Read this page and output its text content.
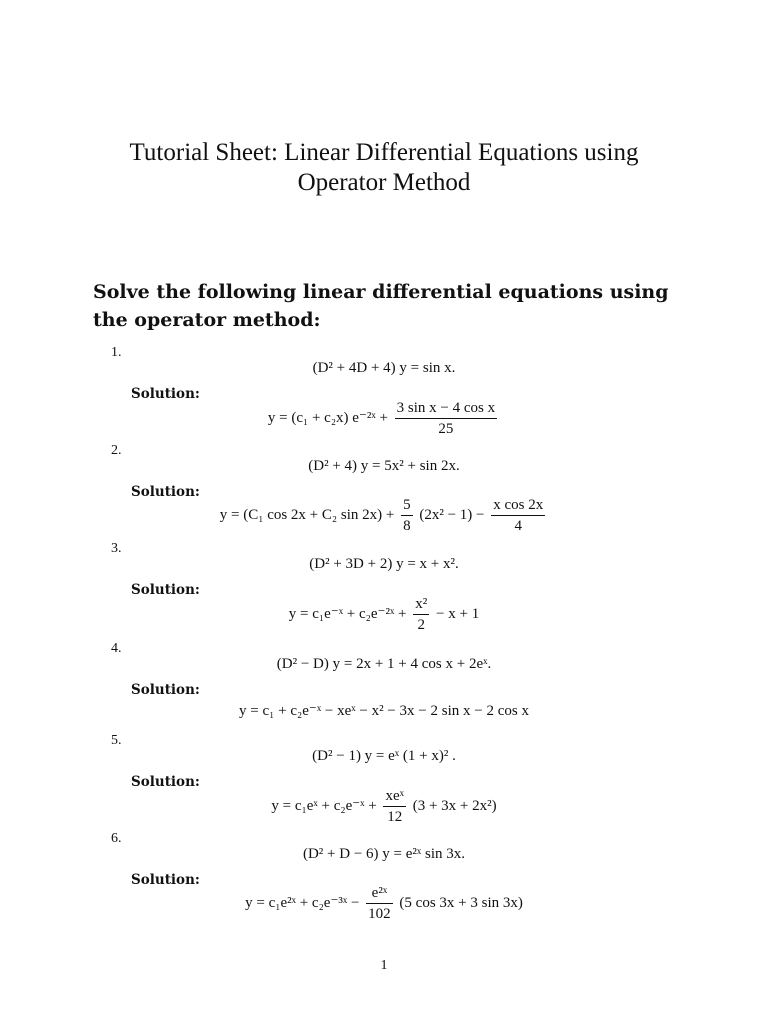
Tutorial Sheet: Linear Differential Equations using
Operator Method
Solve the following linear differential equations using the operator method:
1.
(D² + 4D + 4) y = sin x.
Solution:
y = (c₁ + c₂x) e⁻²ˣ + $\frac{\text{3 sin x − 4 cos x}}{25}$
2.
(D² + 4) y = 5x² + sin 2x.
Solution:
y = (C₁ cos 2x + C₂ $\sin 2x) + \frac{5}{8} (2x^2 - 1) - \frac{\text{x cos 2x}}{4}$
3.
(D² + 3D + 2) y = x + x².
Solution:
y = c₁e⁻ˣ + c₂e⁻²ˣ + $\frac{\text{x²}}{2} - x + 1$
4.
(D² − D) y = 2x + 1 + 4 cos x + 2eˣ.
Solution:
y = c₁ + c₂e⁻ˣ − xeˣ − x² − 3x − 2 sin x − 2 cos x
5.
(D² − 1) y = eˣ (1 + x)² .
Solution:
y = c₁eˣ + c₂e⁻ˣ + $\frac{\text{xeˣ}}{12} (3 + 3x + 2x^2)$
6.
(D² + D − 6) y = e²ˣ sin 3x.
Solution:
y = c₁e²ˣ + c₂e⁻³ˣ − $\frac{\text{e²ˣ}}{102} (5$ cos 3x + 3 sin 3x)
1
